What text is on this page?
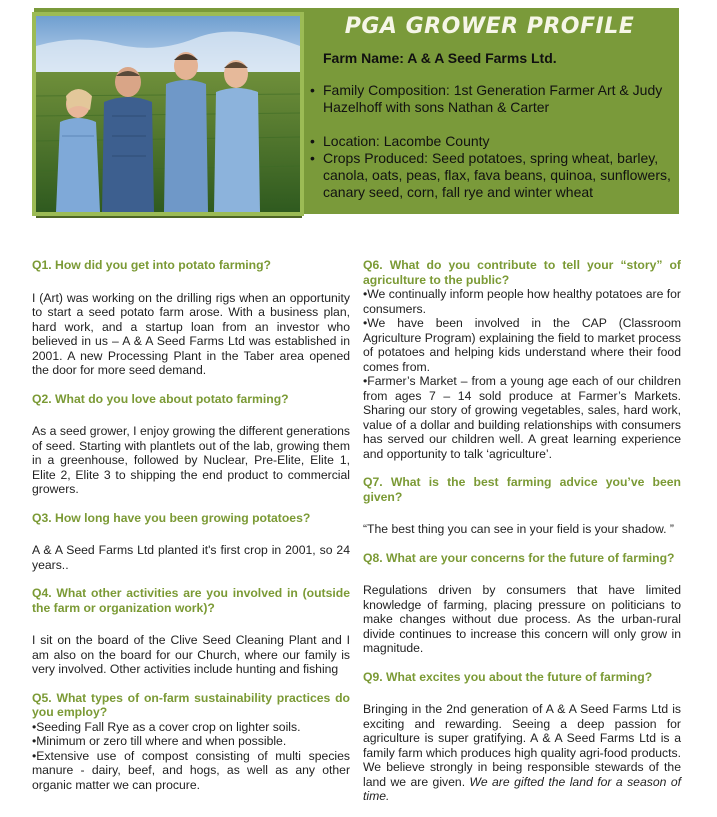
PGA GROWER PROFILE
Farm Name: A & A Seed Farms Ltd.
• Family Composition: 1st Generation Farmer Art & Judy Hazelhoff with sons Nathan & Carter
• Location: Lacombe County
• Crops Produced: Seed potatoes, spring wheat, barley, canola, oats, peas, flax, fava beans, quinoa, sunflowers, canary seed, corn, fall rye and winter wheat

Q1. How did you get into potato farming?

I (Art) was working on the drilling rigs when an opportunity to start a seed potato farm arose. With a business plan, hard work, and a startup loan from an investor who believed in us – A & A Seed Farms Ltd was established in 2001. A new Processing Plant in the Taber area opened the door for more seed demand.

Q2. What do you love about potato farming?

As a seed grower, I enjoy growing the different generations of seed. Starting with plantlets out of the lab, growing them in a greenhouse, followed by Nuclear, Pre-Elite, Elite 1, Elite 2, Elite 3 to shipping the end product to commercial growers.

Q3. How long have you been growing potatoes?

A & A Seed Farms Ltd planted it's first crop in 2001, so 24 years..

Q4. What other activities are you involved in (outside the farm or organization work)?

I sit on the board of the Clive Seed Cleaning Plant and I am also on the board for our Church, where our family is very involved. Other activities include hunting and fishing

Q5. What types of on-farm sustainability practices do you employ?

•Seeding Fall Rye as a cover crop on lighter soils.

•Minimum or zero till where and when possible.

•Extensive use of compost consisting of multi species manure - dairy, beef, and hogs, as well as any other organic matter we can procure.

Q6. What do you contribute to tell your “story” of agriculture to the public?

•We continually inform people how healthy potatoes are for consumers.

•We have been involved in the CAP (Classroom Agriculture Program) explaining the field to market process of potatoes and helping kids understand where their food comes from.

•Farmer’s Market – from a young age each of our children from ages 7 – 14 sold produce at Farmer’s Markets. Sharing our story of growing vegetables, sales, hard work, value of a dollar and building relationships with consumers has served our children well. A great learning experience and opportunity to talk ‘agriculture’.

Q7. What is the best farming advice you’ve been given?

“The best thing you can see in your field is your shadow. ”

Q8. What are your concerns for the future of farming?

Regulations driven by consumers that have limited knowledge of farming, placing pressure on politicians to make changes without due process. As the urban-rural divide continues to increase this concern will only grow in magnitude.

Q9. What excites you about the future of farming?

Bringing in the 2nd generation of A & A Seed Farms Ltd is exciting and rewarding. Seeing a deep passion for agriculture is super gratifying. A & A Seed Farms Ltd is a family farm which produces high quality agri-food products. We believe strongly in being responsible stewards of the land we are given. We are gifted the land for a season of time.
